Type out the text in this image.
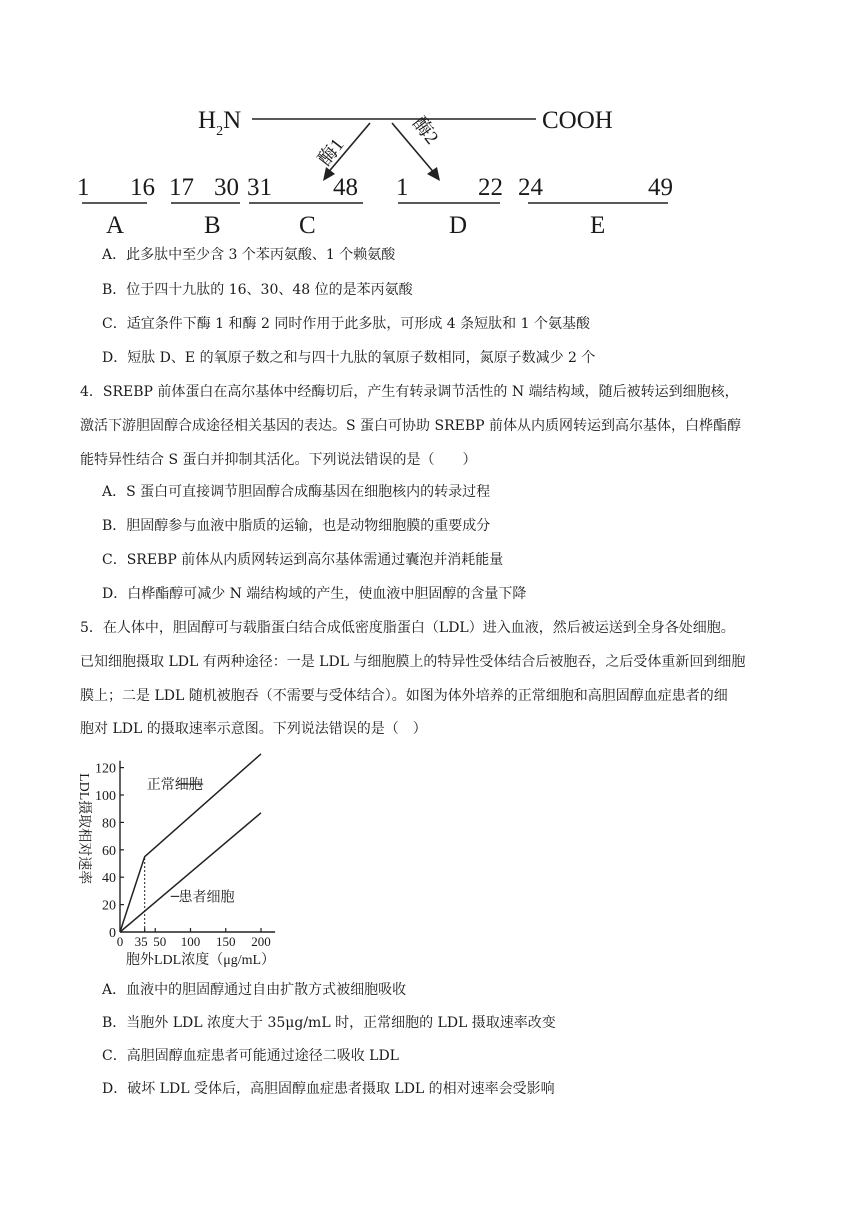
$H_2N$	COOH
酶1
酶2
1 16
A
17 30
B
31 48
C
1	22
D
24	49
E
A．此多肽中至少含 3 个苯丙氨酸、1 个赖氨酸
B．位于四十九肽的 16、30、48 位的是苯丙氨酸
C．适宜条件下酶 1 和酶 2 同时作用于此多肽，可形成 4 条短肽和 1 个氨基酸
D．短肽 D、E 的氧原子数之和与四十九肽的氧原子数相同，氮原子数减少 2 个
4．SREBP 前体蛋白在高尔基体中经酶切后，产生有转录调节活性的 N 端结构域，随后被转运到细胞核，
激活下游胆固醇合成途径相关基因的表达。S 蛋白可协助 SREBP 前体从内质网转运到高尔基体，白桦酯醇
能特异性结合 S 蛋白并抑制其活化。下列说法错误的是（　　）
A．S 蛋白可直接调节胆固醇合成酶基因在细胞核内的转录过程
B．胆固醇参与血液中脂质的运输，也是动物细胞膜的重要成分
C．SREBP 前体从内质网转运到高尔基体需通过囊泡并消耗能量
D．白桦酯醇可减少 N 端结构域的产生，使血液中胆固醇的含量下降
5．在人体中，胆固醇可与载脂蛋白结合成低密度脂蛋白（LDL）进入血液，然后被运送到全身各处细胞。
已知细胞摄取 LDL 有两种途径：一是 LDL 与细胞膜上的特异性受体结合后被胞吞，之后受体重新回到细胞
膜上；二是 LDL 随机被胞吞（不需要与受体结合）。如图为体外培养的正常细胞和高胆固醇血症患者的细
胞对 LDL 的摄取速率示意图。下列说法错误的是（　）
0
20
40
60
80
100
120
0 35 50 100 150 200
正常细胞
患者细胞
胞外LDL浓度（μg/mL）
LDL摄取相对速率
A．血液中的胆固醇通过自由扩散方式被细胞吸收
B．当胞外 LDL 浓度大于 35μg/mL 时，正常细胞的 LDL 摄取速率改变
C．高胆固醇血症患者可能通过途径二吸收 LDL
D．破坏 LDL 受体后，高胆固醇血症患者摄取 LDL 的相对速率会受影响
